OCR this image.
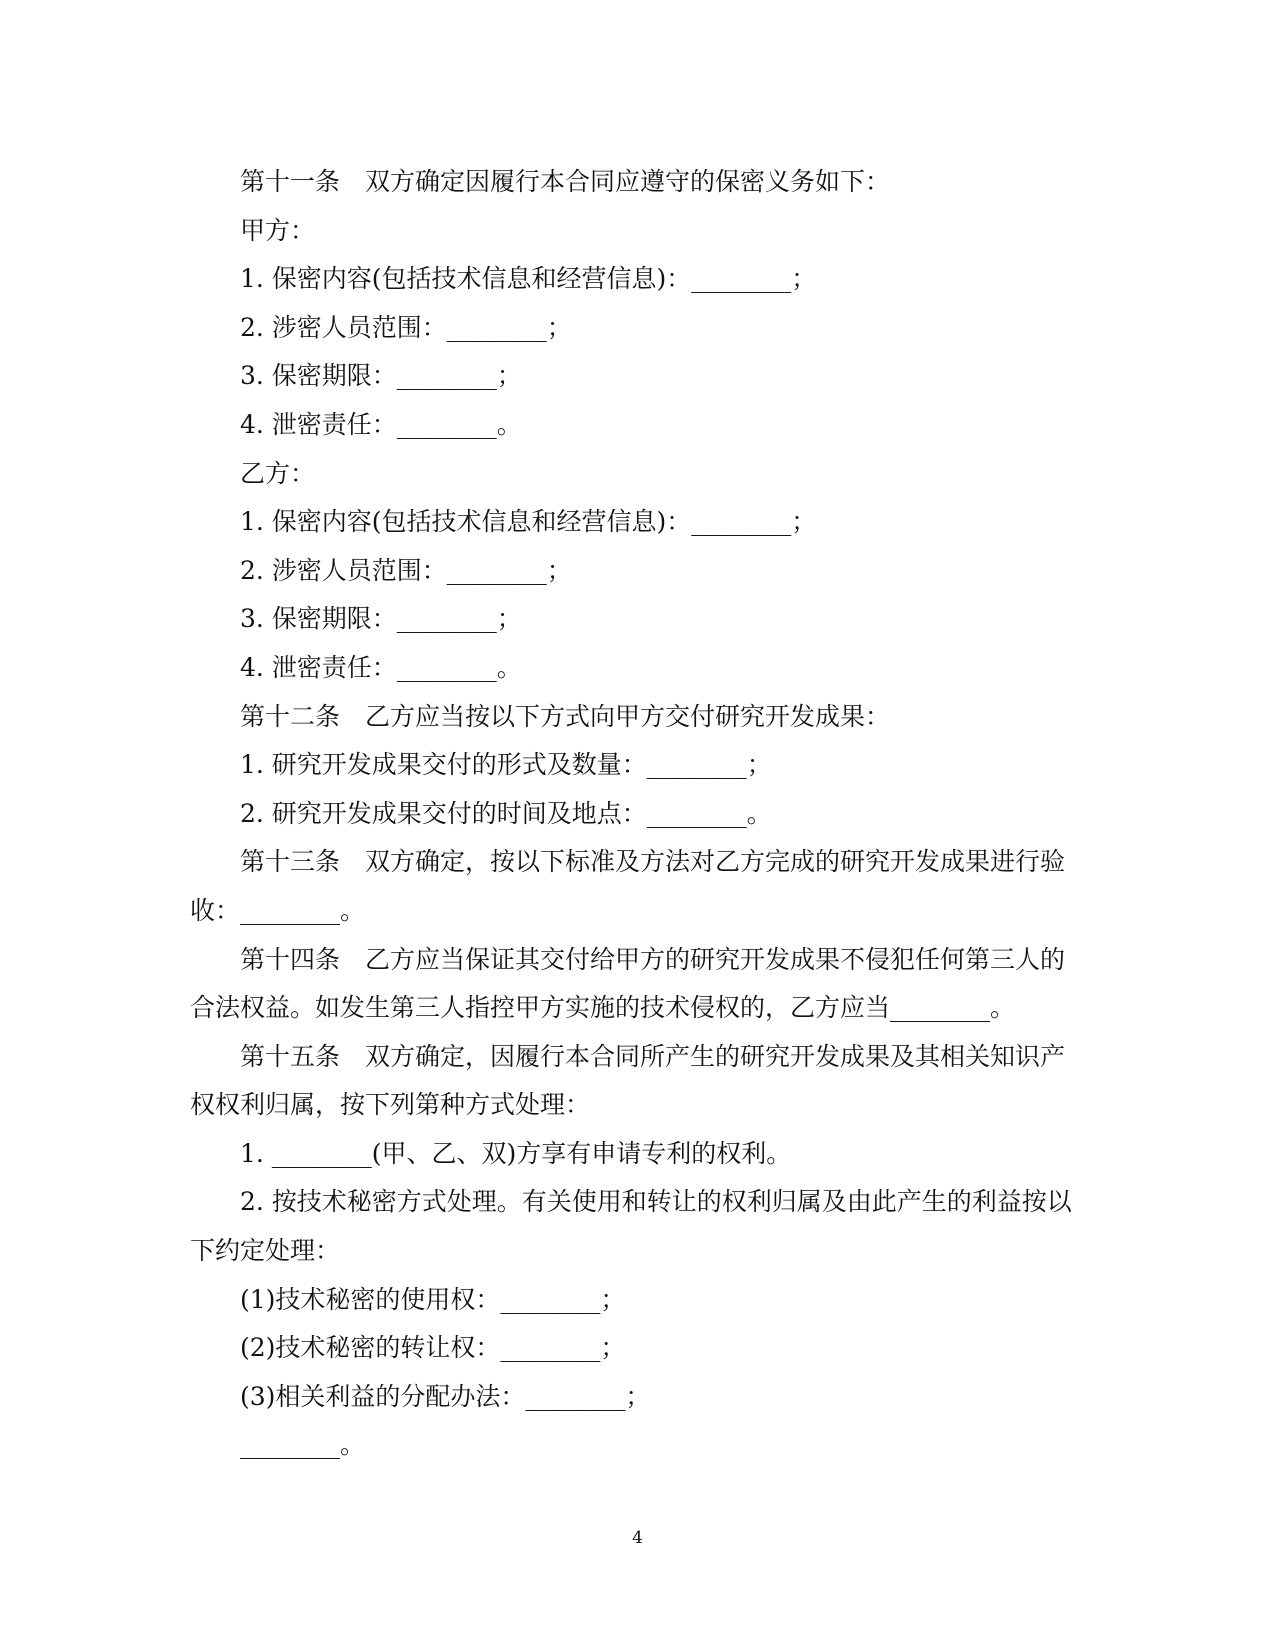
第十一条　双方确定因履行本合同应遵守的保密义务如下：

甲方：

1. 保密内容(包括技术信息和经营信息)：________；

2. 涉密人员范围：________；

3. 保密期限：________；

4. 泄密责任：________。

乙方：

1. 保密内容(包括技术信息和经营信息)：________；

2. 涉密人员范围：________；

3. 保密期限：________；

4. 泄密责任：________。

第十二条　乙方应当按以下方式向甲方交付研究开发成果：

1. 研究开发成果交付的形式及数量：________；

2. 研究开发成果交付的时间及地点：________。

第十三条　双方确定，按以下标准及方法对乙方完成的研究开发成果进行验

收：________。

第十四条　乙方应当保证其交付给甲方的研究开发成果不侵犯任何第三人的

合法权益。如发生第三人指控甲方实施的技术侵权的，乙方应当________。

第十五条　双方确定，因履行本合同所产生的研究开发成果及其相关知识产

权权利归属，按下列第种方式处理：

1. ________(甲、乙、双)方享有申请专利的权利。

2. 按技术秘密方式处理。有关使用和转让的权利归属及由此产生的利益按以

下约定处理：

(1)技术秘密的使用权：________；

(2)技术秘密的转让权：________；

(3)相关利益的分配办法：________；

________。

4
